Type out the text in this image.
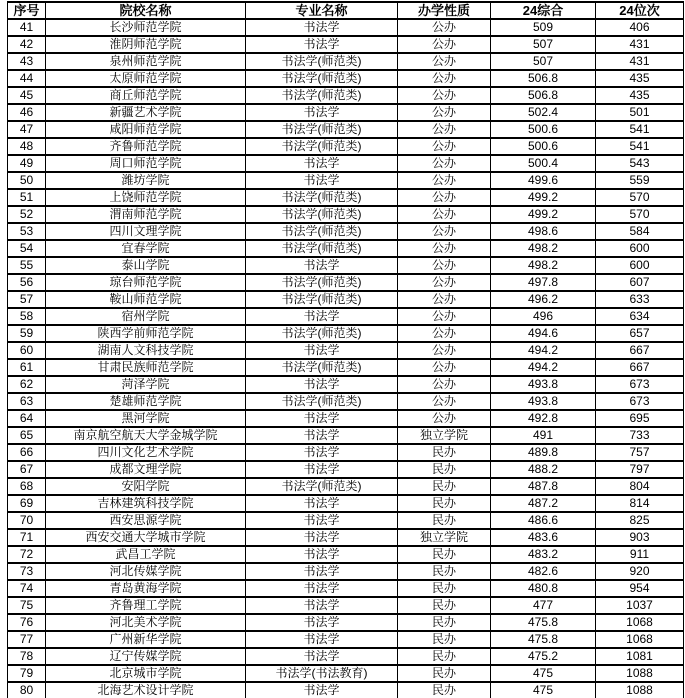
序号	院校名称	专业名称	办学性质	24综合	24位次
41	长沙师范学院	书法学	公办	509	406
42	淮阴师范学院	书法学	公办	507	431
43	泉州师范学院	书法学(师范类)	公办	507	431
44	太原师范学院	书法学(师范类)	公办	506.8	435
45	商丘师范学院	书法学(师范类)	公办	506.8	435
46	新疆艺术学院	书法学	公办	502.4	501
47	咸阳师范学院	书法学(师范类)	公办	500.6	541
48	齐鲁师范学院	书法学(师范类)	公办	500.6	541
49	周口师范学院	书法学	公办	500.4	543
50	潍坊学院	书法学	公办	499.6	559
51	上饶师范学院	书法学(师范类)	公办	499.2	570
52	渭南师范学院	书法学(师范类)	公办	499.2	570
53	四川文理学院	书法学(师范类)	公办	498.6	584
54	宜春学院	书法学(师范类)	公办	498.2	600
55	泰山学院	书法学	公办	498.2	600
56	琼台师范学院	书法学(师范类)	公办	497.8	607
57	鞍山师范学院	书法学(师范类)	公办	496.2	633
58	宿州学院	书法学	公办	496	634
59	陕西学前师范学院	书法学(师范类)	公办	494.6	657
60	湖南人文科技学院	书法学	公办	494.2	667
61	甘肃民族师范学院	书法学(师范类)	公办	494.2	667
62	菏泽学院	书法学	公办	493.8	673
63	楚雄师范学院	书法学(师范类)	公办	493.8	673
64	黑河学院	书法学	公办	492.8	695
65	南京航空航天大学金城学院	书法学	独立学院	491	733
66	四川文化艺术学院	书法学	民办	489.8	757
67	成都文理学院	书法学	民办	488.2	797
68	安阳学院	书法学(师范类)	民办	487.8	804
69	吉林建筑科技学院	书法学	民办	487.2	814
70	西安思源学院	书法学	民办	486.6	825
71	西安交通大学城市学院	书法学	独立学院	483.6	903
72	武昌工学院	书法学	民办	483.2	911
73	河北传媒学院	书法学	民办	482.6	920
74	青岛黄海学院	书法学	民办	480.8	954
75	齐鲁理工学院	书法学	民办	477	1037
76	河北美术学院	书法学	民办	475.8	1068
77	广州新华学院	书法学	民办	475.8	1068
78	辽宁传媒学院	书法学	民办	475.2	1081
79	北京城市学院	书法学(书法教育)	民办	475	1088
80	北海艺术设计学院	书法学	民办	475	1088
